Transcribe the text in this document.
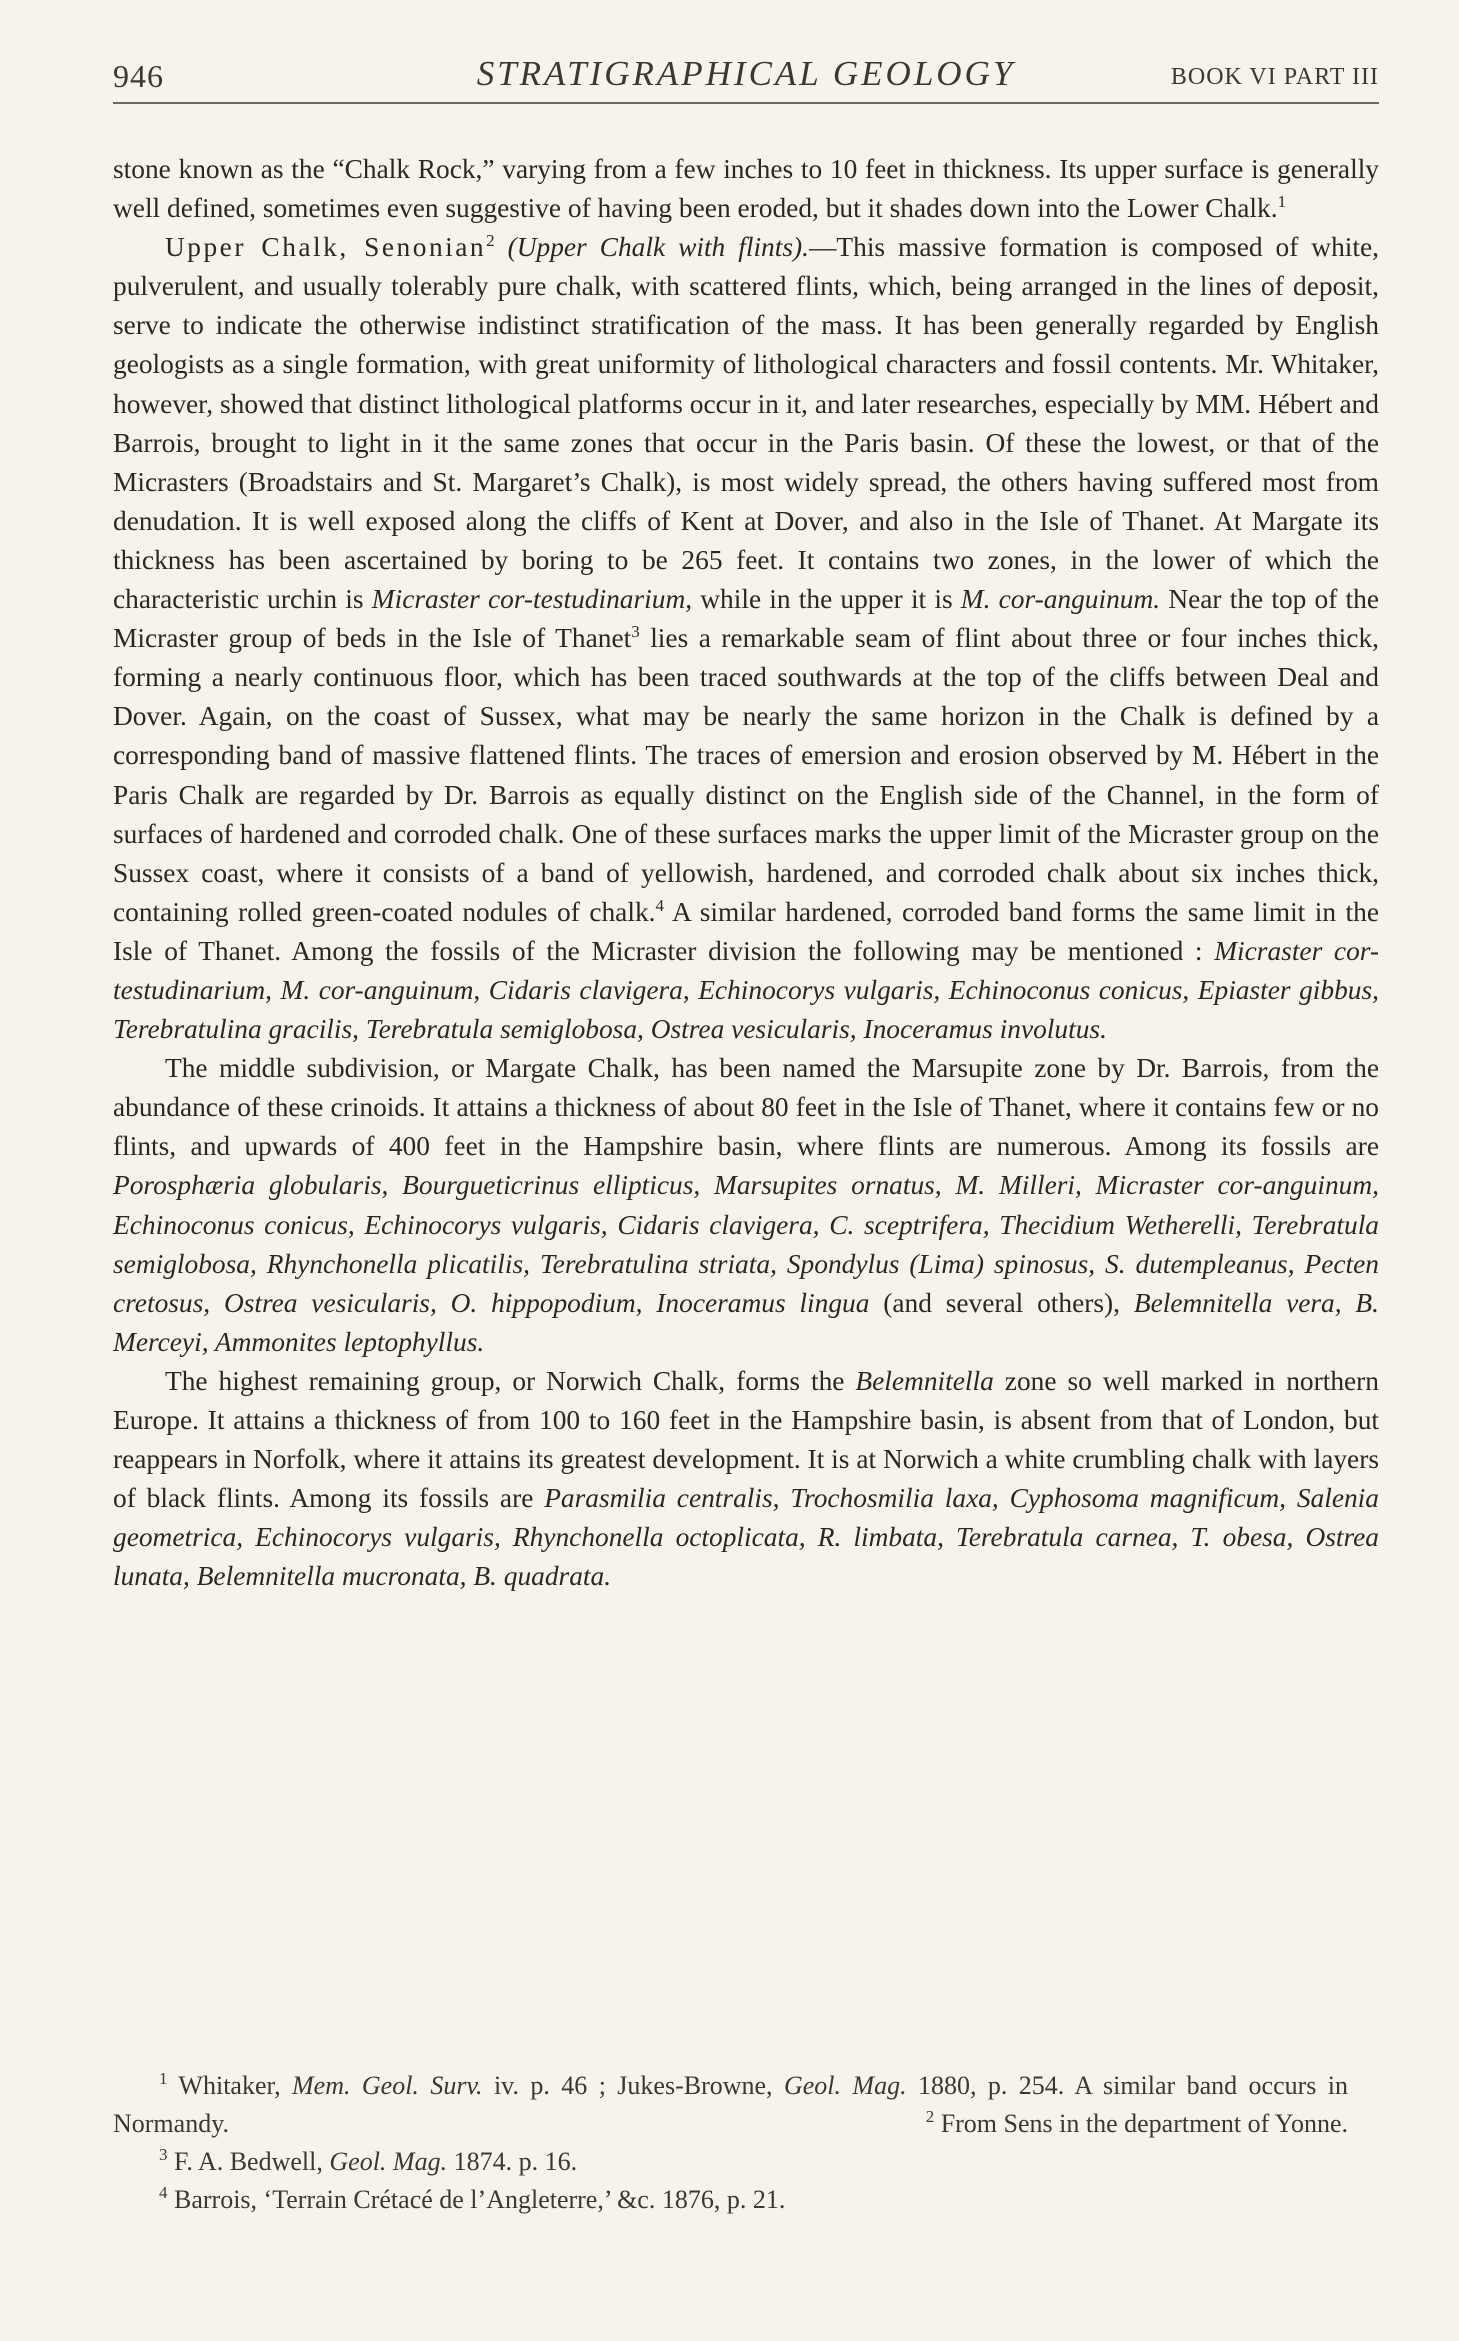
946	STRATIGRAPHICAL GEOLOGY	BOOK VI PART III

stone known as the “Chalk Rock,” varying from a few inches to 10 feet in thickness. Its upper surface is generally well defined, sometimes even suggestive of having been eroded, but it shades down into the Lower Chalk.$^1$

Upper Chalk, Senonian$^2$ (Upper Chalk with flints).—This massive formation is composed of white, pulverulent, and usually tolerably pure chalk, with scattered flints, which, being arranged in the lines of deposit, serve to indicate the otherwise indistinct stratification of the mass. It has been generally regarded by English geologists as a single formation, with great uniformity of lithological characters and fossil contents. Mr. Whitaker, however, showed that distinct lithological platforms occur in it, and later researches, especially by MM. Hébert and Barrois, brought to light in it the same zones that occur in the Paris basin. Of these the lowest, or that of the Micrasters (Broadstairs and St. Margaret’s Chalk), is most widely spread, the others having suffered most from denudation. It is well exposed along the cliffs of Kent at Dover, and also in the Isle of Thanet. At Margate its thickness has been ascertained by boring to be 265 feet. It contains two zones, in the lower of which the characteristic urchin is Micraster cor-testudinarium, while in the upper it is M. cor-anguinum. Near the top of the Micraster group of beds in the Isle of Thanet$^3$ lies a remarkable seam of flint about three or four inches thick, forming a nearly continuous floor, which has been traced southwards at the top of the cliffs between Deal and Dover. Again, on the coast of Sussex, what may be nearly the same horizon in the Chalk is defined by a corresponding band of massive flattened flints. The traces of emersion and erosion observed by M. Hébert in the Paris Chalk are regarded by Dr. Barrois as equally distinct on the English side of the Channel, in the form of surfaces of hardened and corroded chalk. One of these surfaces marks the upper limit of the Micraster group on the Sussex coast, where it consists of a band of yellowish, hardened, and corroded chalk about six inches thick, containing rolled green-coated nodules of chalk.$^4$ A similar hardened, corroded band forms the same limit in the Isle of Thanet. Among the fossils of the Micraster division the following may be mentioned : Micraster cor-testudinarium, M. cor-anguinum, Cidaris clavigera, Echinocorys vulgaris, Echinoconus conicus, Epiaster gibbus, Terebratulina gracilis, Terebratula semiglobosa, Ostrea vesicularis, Inoceramus involutus.

The middle subdivision, or Margate Chalk, has been named the Marsupite zone by Dr. Barrois, from the abundance of these crinoids. It attains a thickness of about 80 feet in the Isle of Thanet, where it contains few or no flints, and upwards of 400 feet in the Hampshire basin, where flints are numerous. Among its fossils are Porosphæria globularis, Bourgueticrinus ellipticus, Marsupites ornatus, M. Milleri, Micraster cor-anguinum, Echinoconus conicus, Echinocorys vulgaris, Cidaris clavigera, C. sceptrifera, Thecidium Wetherelli, Terebratula semiglobosa, Rhynchonella plicatilis, Terebratulina striata, Spondylus (Lima) spinosus, S. dutempleanus, Pecten cretosus, Ostrea vesicularis, O. hippopodium, Inoceramus lingua (and several others), Belemnitella vera, B. Merceyi, Ammonites leptophyllus.

The highest remaining group, or Norwich Chalk, forms the Belemnitella zone so well marked in northern Europe. It attains a thickness of from 100 to 160 feet in the Hampshire basin, is absent from that of London, but reappears in Norfolk, where it attains its greatest development. It is at Norwich a white crumbling chalk with layers of black flints. Among its fossils are Parasmilia centralis, Trochosmilia laxa, Cyphosoma magnificum, Salenia geometrica, Echinocorys vulgaris, Rhynchonella octoplicata, R. limbata, Terebratula carnea, T. obesa, Ostrea lunata, Belemnitella mucronata, B. quadrata.

$^1$ Whitaker, Mem. Geol. Surv. iv. p. 46 ; Jukes-Browne, Geol. Mag. 1880, p. 254. A similar band occurs in Normandy.	$^2$ From Sens in the department of Yonne.

$^3$ F. A. Bedwell, Geol. Mag. 1874. p. 16.

$^4$ Barrois, ‘Terrain Crétacé de l’Angleterre,’ &c. 1876, p. 21.
